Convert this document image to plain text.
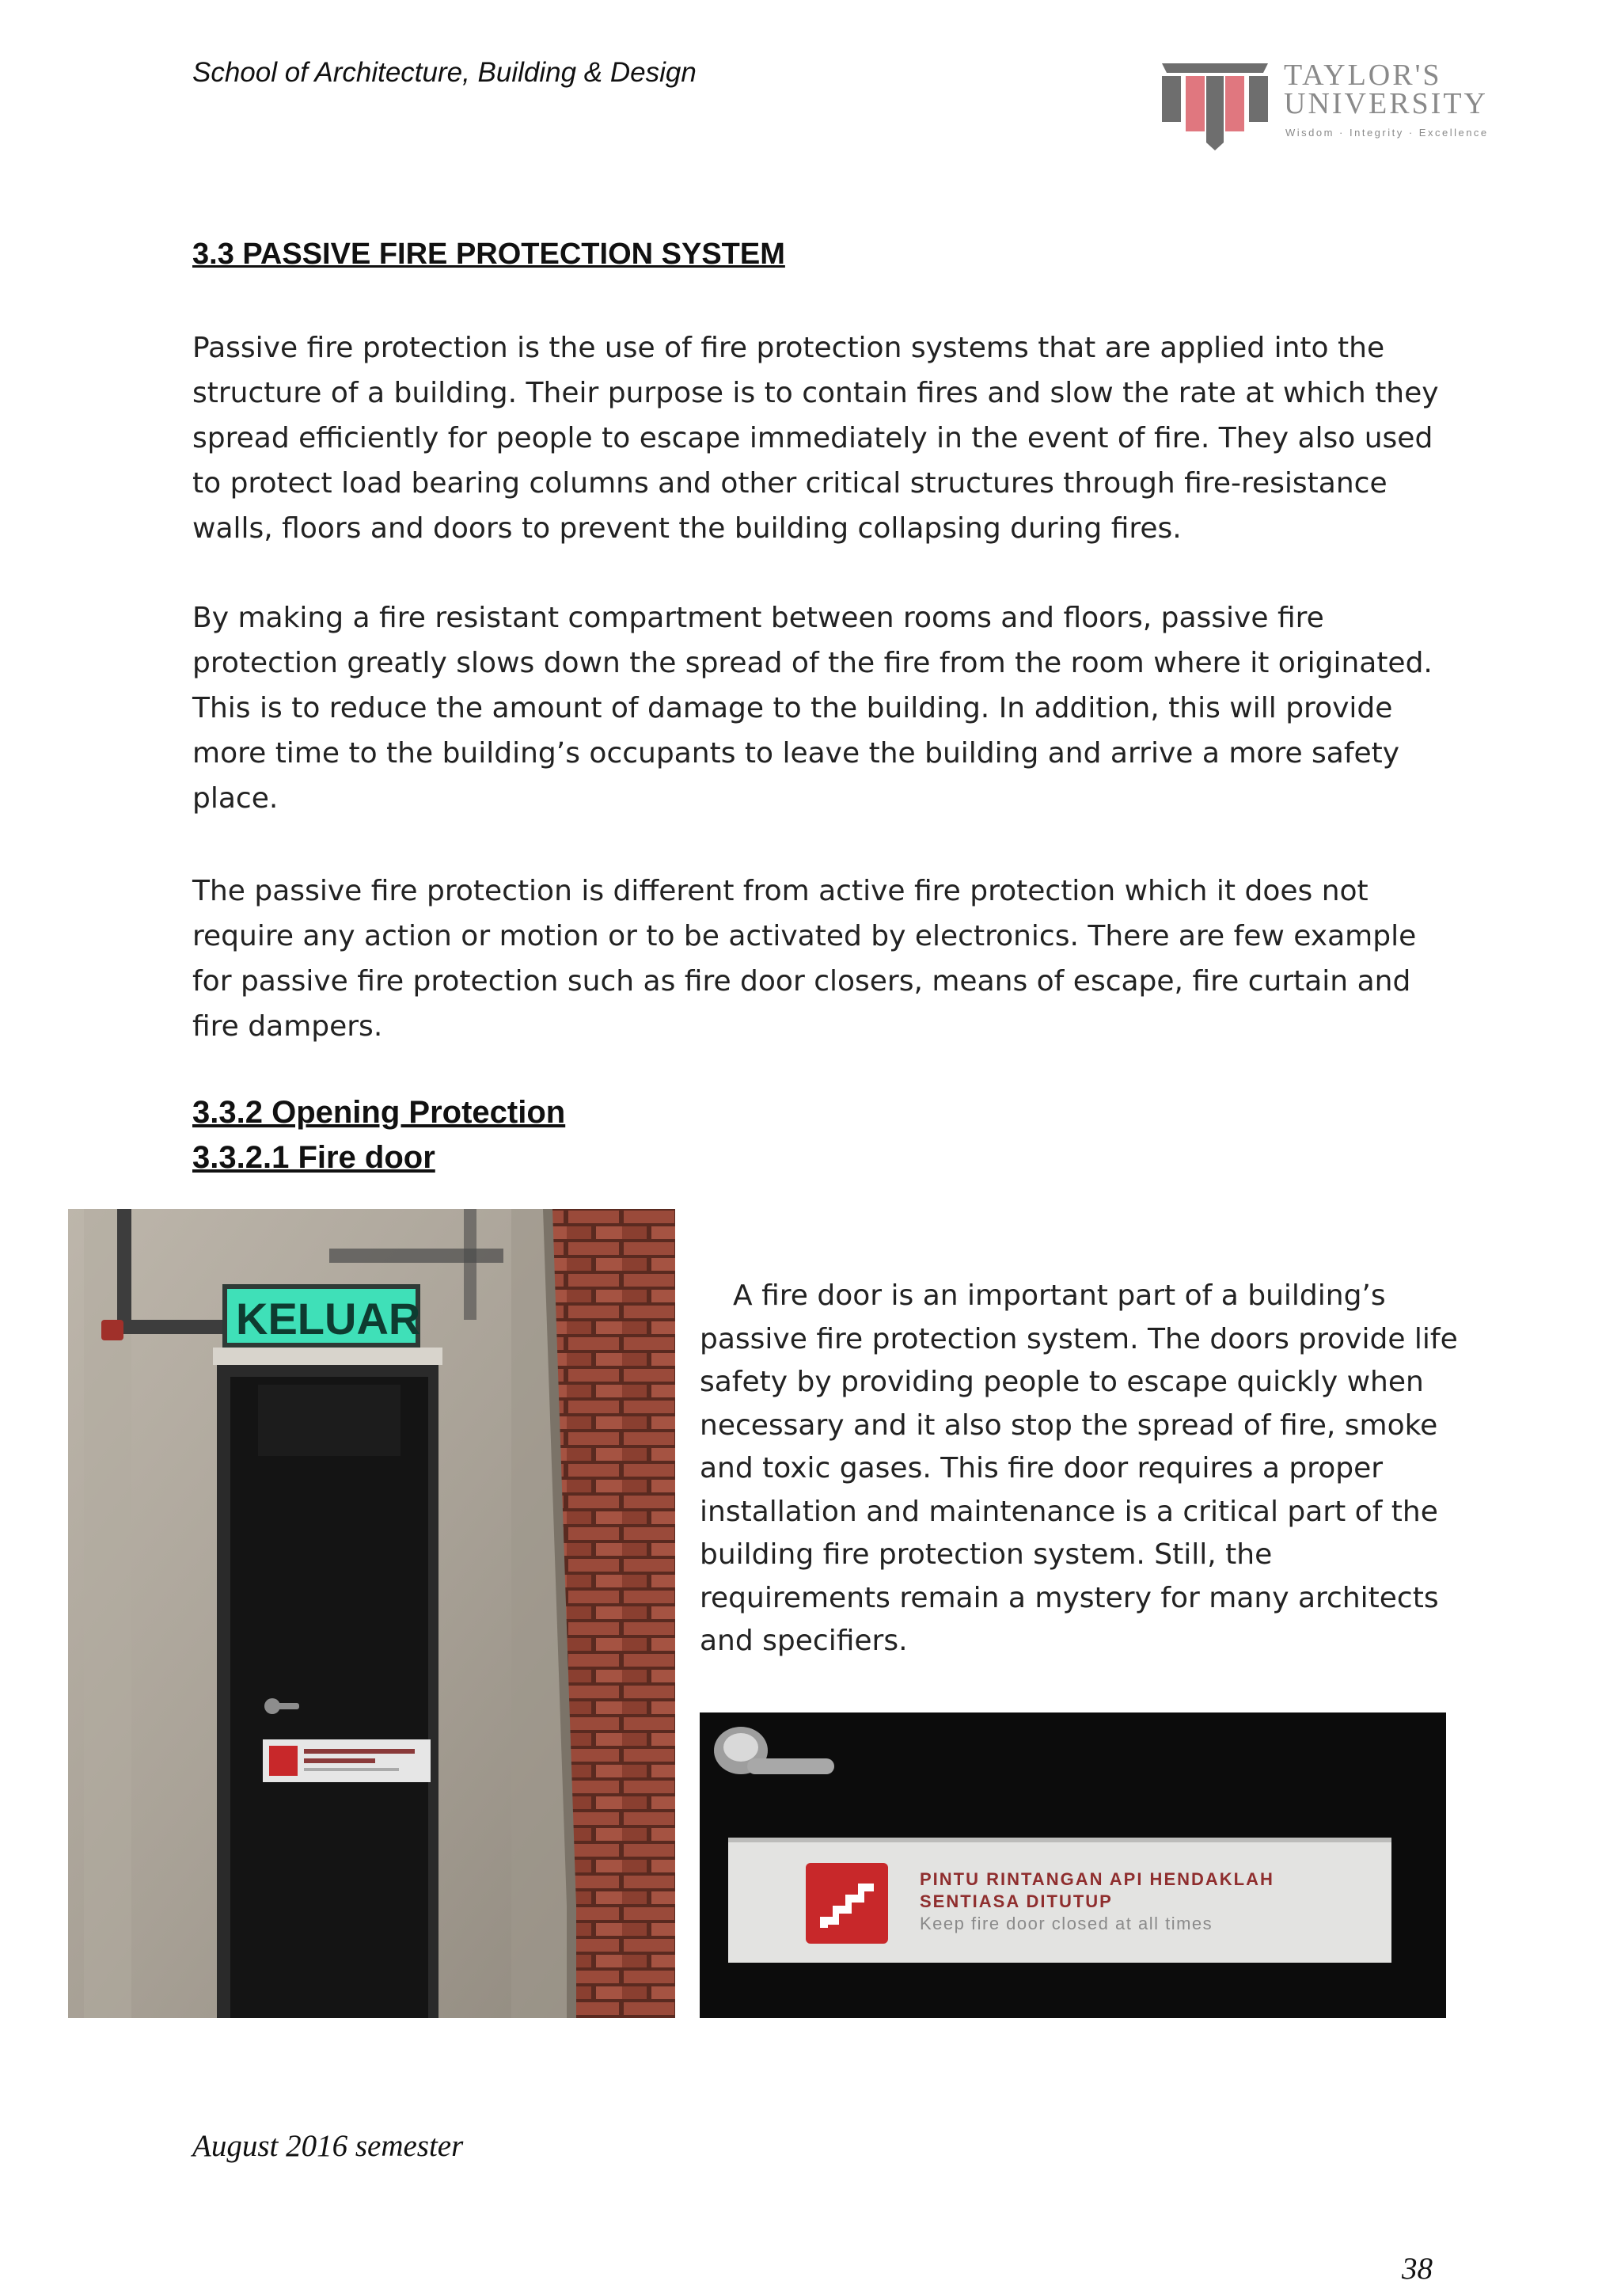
School of Architecture, Building & Design	TAYLOR'S
UNIVERSITY
Wisdom · Integrity · Excellence
3.3 PASSIVE FIRE PROTECTION SYSTEM

Passive fire protection is the use of fire protection systems that are applied into the structure of a building. Their purpose is to contain fires and slow the rate at which they spread efficiently for people to escape immediately in the event of fire. They also used to protect load bearing columns and other critical structures through fire-resistance walls, floors and doors to prevent the building collapsing during fires.

By making a fire resistant compartment between rooms and floors, passive fire protection greatly slows down the spread of the fire from the room where it originated. This is to reduce the amount of damage to the building. In addition, this will provide more time to the building’s occupants to leave the building and arrive a more safety place.

The passive fire protection is different from active fire protection which it does not require any action or motion or to be activated by electronics. There are few example for passive fire protection such as fire door closers, means of escape, fire curtain and fire dampers.

3.3.2 Opening Protection
3.3.2.1 Fire door
KELUAR	A fire door is an important part of a building’s passive fire protection system. The doors provide life safety by providing people to escape quickly when necessary and it also stop the spread of fire, smoke and toxic gases. This fire door requires a proper installation and maintenance is a critical part of the building fire protection system. Still, the requirements remain a mystery for many architects and specifiers.

PINTU RINTANGAN API HENDAKLAH
SENTIASA DITUTUP
Keep fire door closed at all times
August 2016 semester
38
